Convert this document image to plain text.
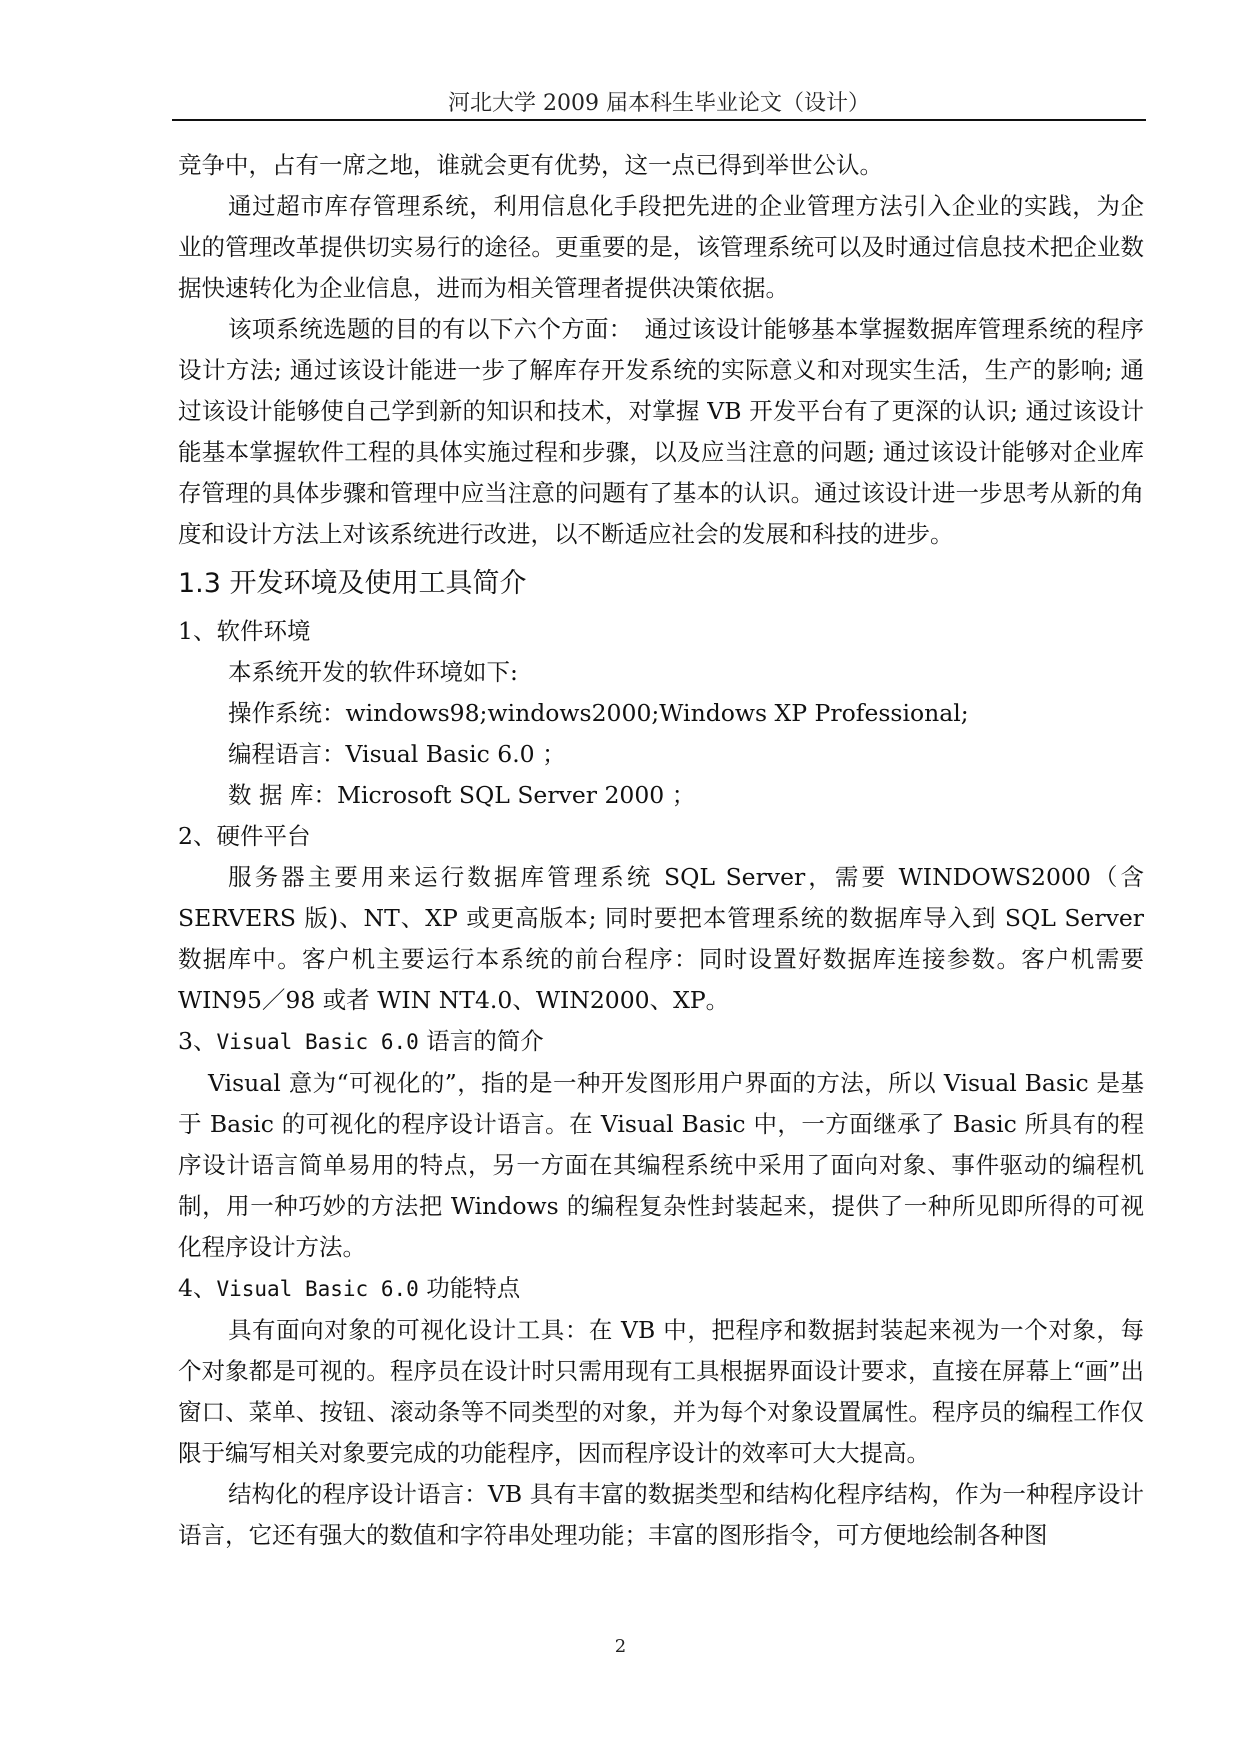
河北大学 2009 届本科生毕业论文（设计）

竞争中，占有一席之地，谁就会更有优势，这一点已得到举世公认。

通过超市库存管理系统，利用信息化手段把先进的企业管理方法引入企业的实践，为企业的管理改革提供切实易行的途径。更重要的是，该管理系统可以及时通过信息技术把企业数据快速转化为企业信息，进而为相关管理者提供决策依据。

该项系统选题的目的有以下六个方面：　通过该设计能够基本掌握数据库管理系统的程序设计方法; 通过该设计能进一步了解库存开发系统的实际意义和对现实生活，生产的影响; 通过该设计能够使自己学到新的知识和技术，对掌握 VB 开发平台有了更深的认识; 通过该设计能基本掌握软件工程的具体实施过程和步骤，以及应当注意的问题; 通过该设计能够对企业库存管理的具体步骤和管理中应当注意的问题有了基本的认识。通过该设计进一步思考从新的角度和设计方法上对该系统进行改进，以不断适应社会的发展和科技的进步。

1.3 开发环境及使用工具简介
1、软件环境
本系统开发的软件环境如下:
操作系统：windows98;windows2000;Windows XP Professional;
编程语言：Visual Basic 6.0 ；
数 据 库：Microsoft SQL Server 2000 ；
2、硬件平台

服务器主要用来运行数据库管理系统 SQL Server，需要 WINDOWS2000（含 SERVERS 版)、NT、XP 或更高版本; 同时要把本管理系统的数据库导入到 SQL Server 数据库中。客户机主要运行本系统的前台程序：同时设置好数据库连接参数。客户机需要 WIN95／98 或者 WIN NT4.0、WIN2000、XP。

3、Visual Basic 6.0 语言的简介

Visual 意为“可视化的”，指的是一种开发图形用户界面的方法，所以 Visual Basic 是基于 Basic 的可视化的程序设计语言。在 Visual Basic 中，一方面继承了 Basic 所具有的程序设计语言简单易用的特点，另一方面在其编程系统中采用了面向对象、事件驱动的编程机制，用一种巧妙的方法把 Windows 的编程复杂性封装起来，提供了一种所见即所得的可视化程序设计方法。

4、Visual Basic 6.0 功能特点

具有面向对象的可视化设计工具：在 VB 中，把程序和数据封装起来视为一个对象，每个对象都是可视的。程序员在设计时只需用现有工具根据界面设计要求，直接在屏幕上“画”出窗口、菜单、按钮、滚动条等不同类型的对象，并为每个对象设置属性。程序员的编程工作仅限于编写相关对象要完成的功能程序，因而程序设计的效率可大大提高。

结构化的程序设计语言：VB 具有丰富的数据类型和结构化程序结构，作为一种程序设计语言，它还有强大的数值和字符串处理功能；丰富的图形指令，可方便地绘制各种图

2
